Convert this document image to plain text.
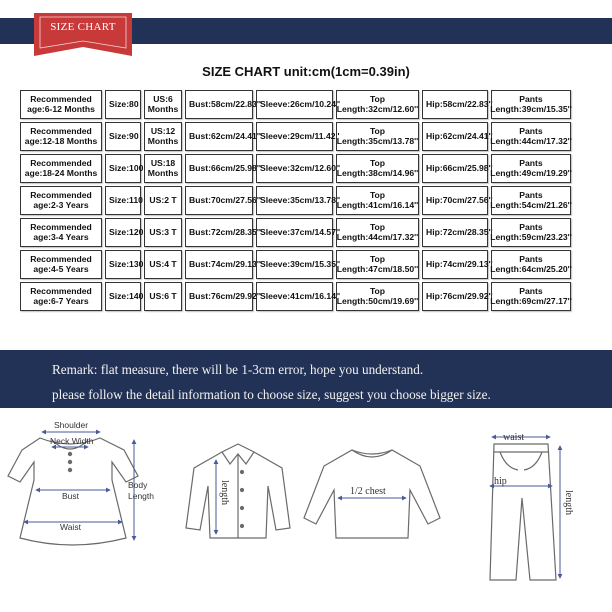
SIZE CHART
SIZE CHART unit:cm(1cm=0.39in)
Recommended age:6-12 Months	Size:80	US:6 Months	Bust:58cm/22.83'' Sleeve:26cm/10.24''	Top Length:32cm/12.60'' Hip:58cm/22.83''	Pants Length:39cm/15.35''
Recommended age:12-18 Months	Size:90	US:12 Months	Bust:62cm/24.41'' Sleeve:29cm/11.42''	Top Length:35cm/13.78'' Hip:62cm/24.41''	Pants Length:44cm/17.32''
Recommended age:18-24 Months	Size:100 US:18 Months	Bust:66cm/25.98'' Sleeve:32cm/12.60''	Top Length:38cm/14.96'' Hip:66cm/25.98''	Pants Length:49cm/19.29''
Recommended age:2-3 Years	Size:110 US:2 T	Bust:70cm/27.56'' Sleeve:35cm/13.78''	Top Length:41cm/16.14'' Hip:70cm/27.56''	Pants Length:54cm/21.26''
Recommended age:3-4 Years	Size:120 US:3 T	Bust:72cm/28.35'' Sleeve:37cm/14.57''	Top Length:44cm/17.32'' Hip:72cm/28.35''	Pants Length:59cm/23.23''
Recommended age:4-5 Years	Size:130 US:4 T	Bust:74cm/29.13'' Sleeve:39cm/15.35''	Top Length:47cm/18.50'' Hip:74cm/29.13''	Pants Length:64cm/25.20''
Recommended age:6-7 Years	Size:140 US:6 T	Bust:76cm/29.92'' Sleeve:41cm/16.14''	Top Length:50cm/19.69'' Hip:76cm/29.92''	Pants Length:69cm/27.17''
Remark: flat measure, there will be 1-3cm error, hope you understand.
please follow the detail information to choose size, suggest you choose bigger size.
Shoulder
Neck Width
Bust
Waist
Body
Length	length	1/2 chest
waist
hip
length
